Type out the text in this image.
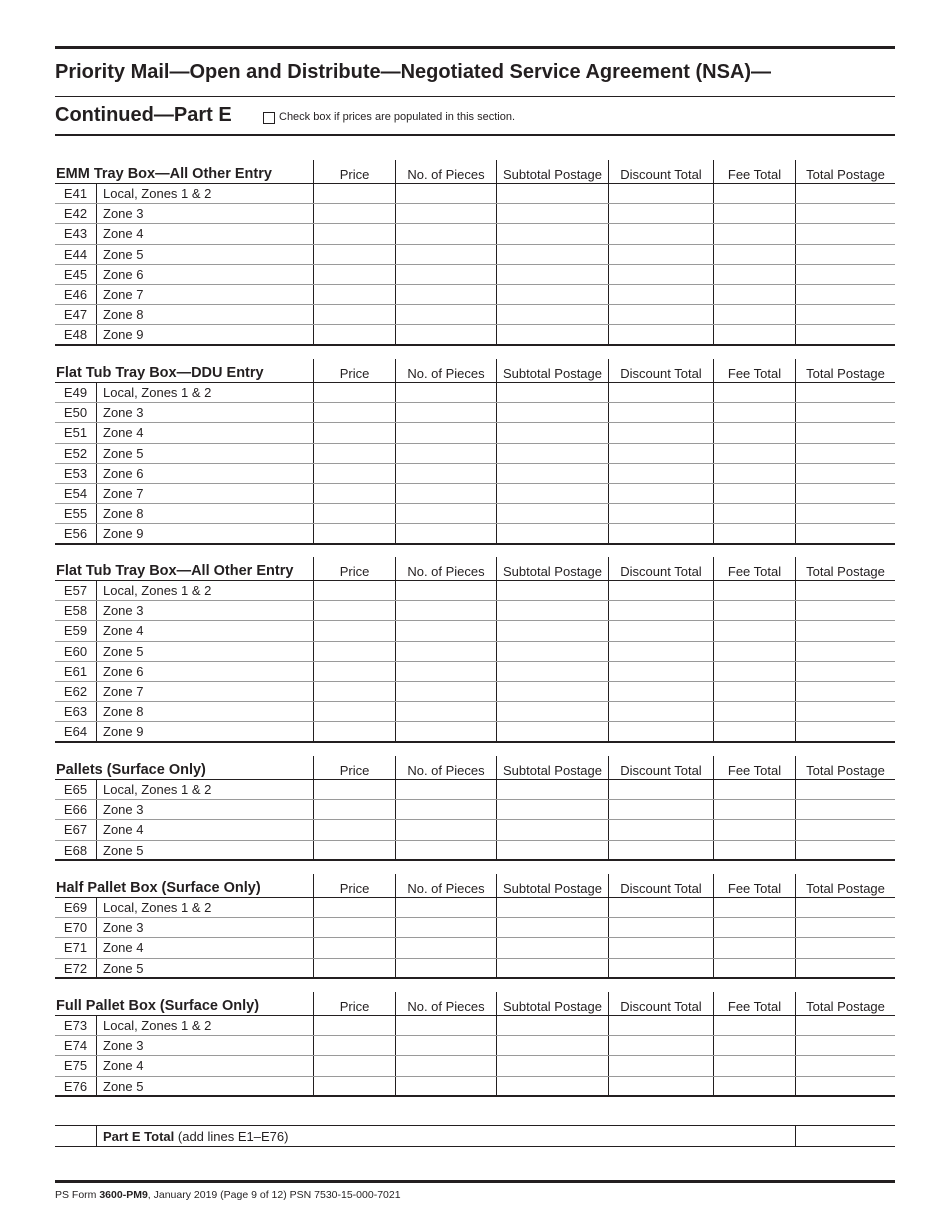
Priority Mail—Open and Distribute—Negotiated Service Agreement (NSA)—
Continued—Part E	Check box if prices are populated in this section.
EMM Tray Box—All Other Entry	Price	No. of Pieces	Subtotal Postage	Discount Total	Fee Total	Total Postage
E41	Local, Zones 1 & 2
E42	Zone 3
E43	Zone 4
E44	Zone 5
E45	Zone 6
E46	Zone 7
E47	Zone 8
E48	Zone 9
Flat Tub Tray Box—DDU Entry	Price	No. of Pieces	Subtotal Postage	Discount Total	Fee Total	Total Postage
E49	Local, Zones 1 & 2
E50	Zone 3
E51	Zone 4
E52	Zone 5
E53	Zone 6
E54	Zone 7
E55	Zone 8
E56	Zone 9
Flat Tub Tray Box—All Other Entry	Price	No. of Pieces	Subtotal Postage	Discount Total	Fee Total	Total Postage
E57	Local, Zones 1 & 2
E58	Zone 3
E59	Zone 4
E60	Zone 5
E61	Zone 6
E62	Zone 7
E63	Zone 8
E64	Zone 9
Pallets (Surface Only)	Price	No. of Pieces	Subtotal Postage	Discount Total	Fee Total	Total Postage
E65	Local, Zones 1 & 2
E66	Zone 3
E67	Zone 4
E68	Zone 5
Half Pallet Box (Surface Only)	Price	No. of Pieces	Subtotal Postage	Discount Total	Fee Total	Total Postage
E69	Local, Zones 1 & 2
E70	Zone 3
E71	Zone 4
E72	Zone 5
Full Pallet Box (Surface Only)	Price	No. of Pieces	Subtotal Postage	Discount Total	Fee Total	Total Postage
E73	Local, Zones 1 & 2
E74	Zone 3
E75	Zone 4
E76	Zone 5
Part E Total (add lines E1–E76)
PS Form 3600-PM9, January 2019 (Page 9 of 12) PSN 7530-15-000-7021
